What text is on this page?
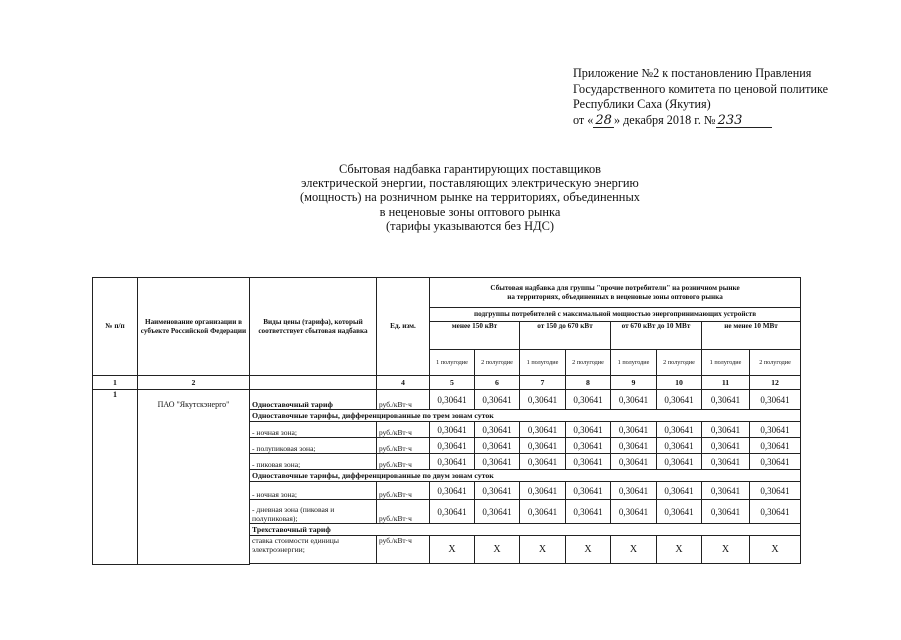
Приложение №2 к постановлению Правления
Государственного комитета по ценовой политике
Республики Саха (Якутия)
от « 28 » декабря 2018 г. № 233
Сбытовая надбавка гарантирующих поставщиков
электрической энергии, поставляющих электрическую энергию
(мощность) на розничном рынке на территориях, объединенных
в неценовые зоны оптового рынка
(тарифы указываются без НДС)
№ п/п	Наименование организации в субъекте Российской Федерации	Виды цены (тарифа), который соответствует сбытовая надбавка	Ед. изм.	Сбытовая надбавка для группы "прочие потребители" на розничном рынке
на территориях, объединенных в неценовые зоны оптового рынка							

				подгруппы потребителей с максимальной мощностью энергопринимающих устройств							
				менее 150 кВт		от 150 до 670 кВт		от 670 кВт до 10 МВт		не менее 10 МВт	
				1 полугодие	2 полугодие	1 полугодие	2 полугодие	1 полугодие	2 полугодие	1 полугодие	2 полугодие
1	2		4	5	6	7	8	9	10	11	12
1	ПАО "Якутскэнерго"	Одноставочный тариф	руб./кВт·ч	0,30641	0,30641	0,30641	0,30641	0,30641	0,30641	0,30641	0,30641
		Одноставочные тарифы, дифференцированные по трем зонам суток									
		- ночная зона;	руб./кВт·ч	0,30641	0,30641	0,30641	0,30641	0,30641	0,30641	0,30641	0,30641
		- полупиковая зона;	руб./кВт·ч	0,30641	0,30641	0,30641	0,30641	0,30641	0,30641	0,30641	0,30641
		- пиковая зона;	руб./кВт·ч	0,30641	0,30641	0,30641	0,30641	0,30641	0,30641	0,30641	0,30641
		Одноставочные тарифы, дифференцированные по двум зонам суток									
		- ночная зона;	руб./кВт·ч	0,30641	0,30641	0,30641	0,30641	0,30641	0,30641	0,30641	0,30641
		- дневная зона (пиковая и полупиковая);	руб./кВт·ч	0,30641	0,30641	0,30641	0,30641	0,30641	0,30641	0,30641	0,30641
		Трехставочный тариф									
		ставка стоимости единицы электроэнергии;	руб./кВт·ч	X	X	X	X	X	X	X	X
